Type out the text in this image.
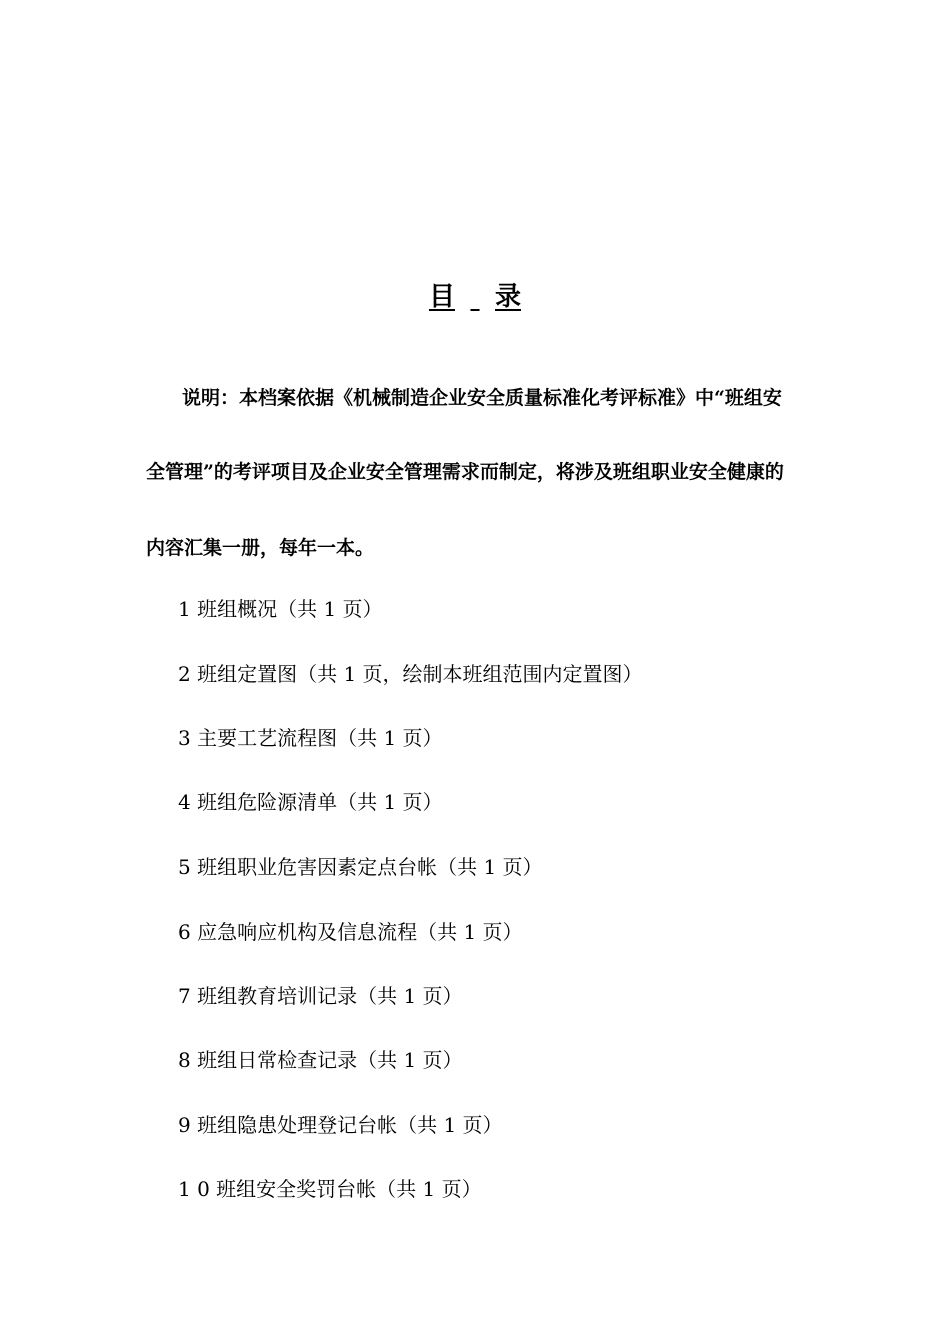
目 录
说明：本档案依据《机械制造企业安全质量标准化考评标准》中“班组安
全管理”的考评项目及企业安全管理需求而制定，将涉及班组职业安全健康的
内容汇集一册，每年一本。
1 班组概况（共 1 页）
2 班组定置图（共 1 页，绘制本班组范围内定置图）
3 主要工艺流程图（共 1 页）
4 班组危险源清单（共 1 页）
5 班组职业危害因素定点台帐（共 1 页）
6 应急响应机构及信息流程（共 1 页）
7 班组教育培训记录（共 1 页）
8 班组日常检查记录（共 1 页）
9 班组隐患处理登记台帐（共 1 页）
1 0 班组安全奖罚台帐（共 1 页）
